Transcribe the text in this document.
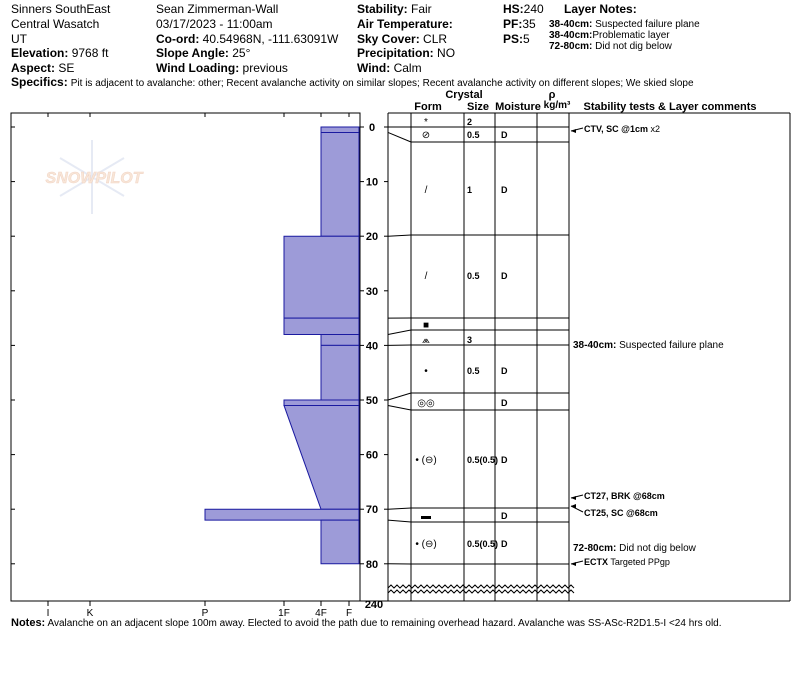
Sinners SouthEast
Central Wasatch
UT
Elevation: 9768 ft
Aspect: SE
Sean Zimmerman-Wall
03/17/2023 - 11:00am
Co-ord: 40.54968N, -111.63091W
Slope Angle: 25°
Wind Loading: previous
Stability: Fair
Air Temperature:
Sky Cover: CLR
Precipitation: NO
Wind: Calm
HS:240
PF:35
PS:5
Layer Notes:
38-40cm: Suspected failure plane
38-40cm:Problematic layer
72-80cm: Did not dig below
Specifics: Pit is adjacent to avalanche: other; Recent avalanche activity on similar slopes; Recent avalanche activity on different slopes; We skied slope
SNOWPILOT
I	K	P	1F	4F F
0
10
20
30
40
50
60
70
80
240
*	2
⊘	0.5 D
/	1	D
/	0.5 D
■
⩕	3
•	0.5 D
◎◎	D
• (⊖)	0.5(0.5) D
▬	D
• (⊖)	0.5(0.5) D
Crystal
Form Size Moisture
ρ
kg/m³ Stability tests & Layer comments
CTV, SC @1cm x2
CT27, BRK @68cm
CT25, SC @68cm
ECTX Targeted PPgp
38-40cm: Suspected failure plane
72-80cm: Did not dig below
Notes: Avalanche on an adjacent slope 100m away. Elected to avoid the path due to remaining overhead hazard. Avalanche was SS-ASc-R2D1.5-I <24 hrs old.
